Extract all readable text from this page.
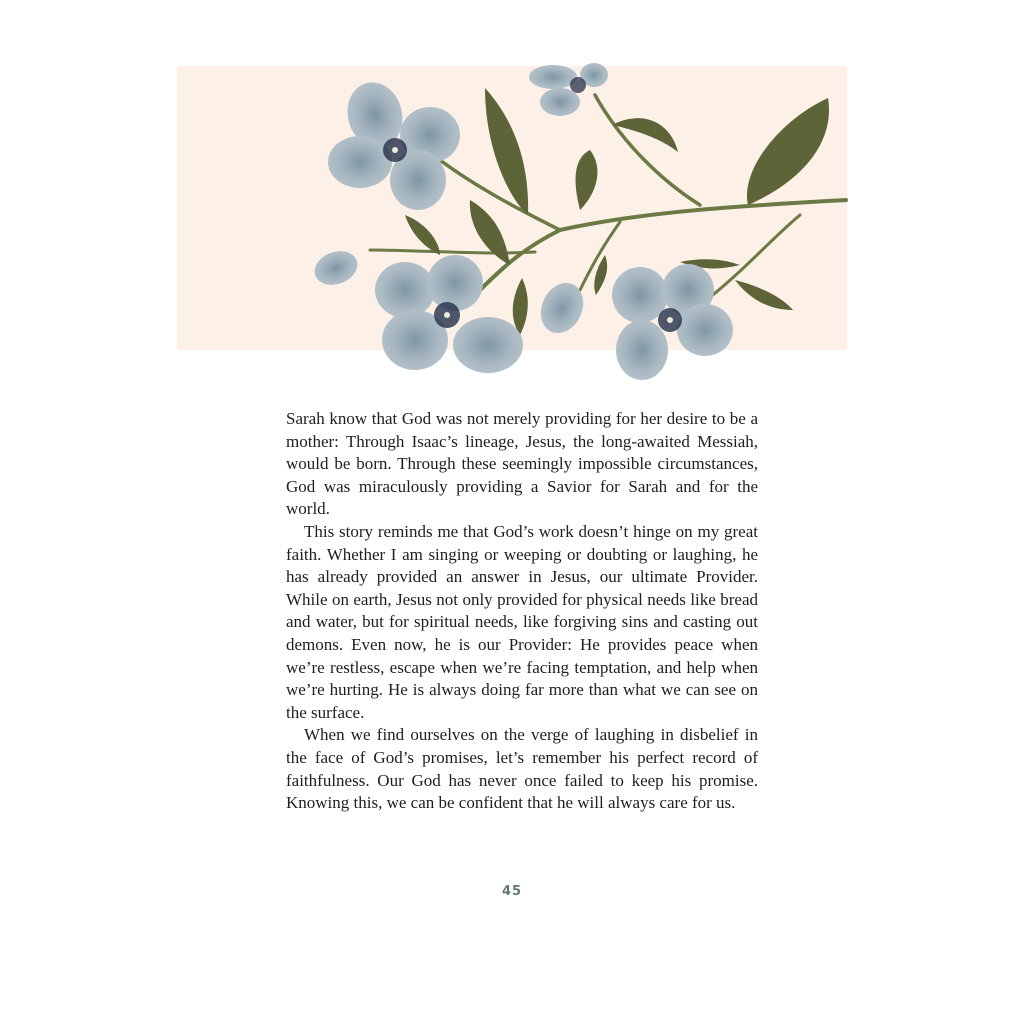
Sarah know that God was not merely providing for her desire to be a mother: Through Isaac’s lineage, Jesus, the long-awaited Messiah, would be born. Through these seemingly impossible circumstances, God was miraculously providing a Savior for Sarah and for the world.

This story reminds me that God’s work doesn’t hinge on my great faith. Whether I am singing or weeping or doubting or laughing, he has already provided an answer in Jesus, our ultimate Provider. While on earth, Jesus not only provided for physical needs like bread and water, but for spiritual needs, like forgiving sins and casting out demons. Even now, he is our Provider: He provides peace when we’re restless, escape when we’re facing temptation, and help when we’re hurting. He is always doing far more than what we can see on the surface.

When we find ourselves on the verge of laughing in disbelief in the face of God’s promises, let’s remember his perfect record of faithfulness. Our God has never once failed to keep his promise. Knowing this, we can be confident that he will always care for us.

45
